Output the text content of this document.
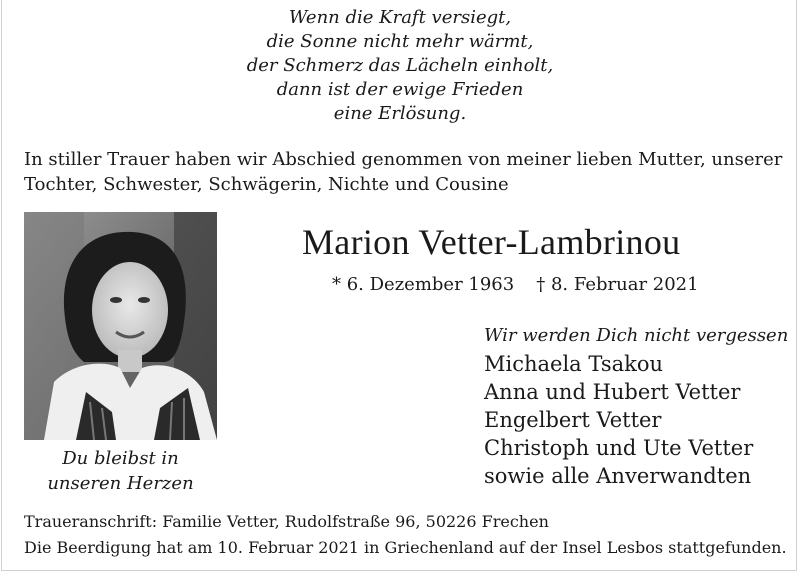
Wenn die Kraft versiegt,
die Sonne nicht mehr wärmt,
der Schmerz das Lächeln einholt,
dann ist der ewige Frieden
eine Erlösung.
In stiller Trauer haben wir Abschied genommen von meiner lieben Mutter, unserer Tochter, Schwester, Schwägerin, Nichte und Cousine
Du bleibst in
unseren Herzen
Marion Vetter-Lambrinou
* 6. Dezember 1963 † 8. Februar 2021
Wir werden Dich nicht vergessen
Michaela Tsakou
Anna und Hubert Vetter
Engelbert Vetter
Christoph und Ute Vetter
sowie alle Anverwandten
Traueranschrift: Familie Vetter, Rudolfstraße 96, 50226 Frechen
Die Beerdigung hat am 10. Februar 2021 in Griechenland auf der Insel Lesbos stattgefunden.
